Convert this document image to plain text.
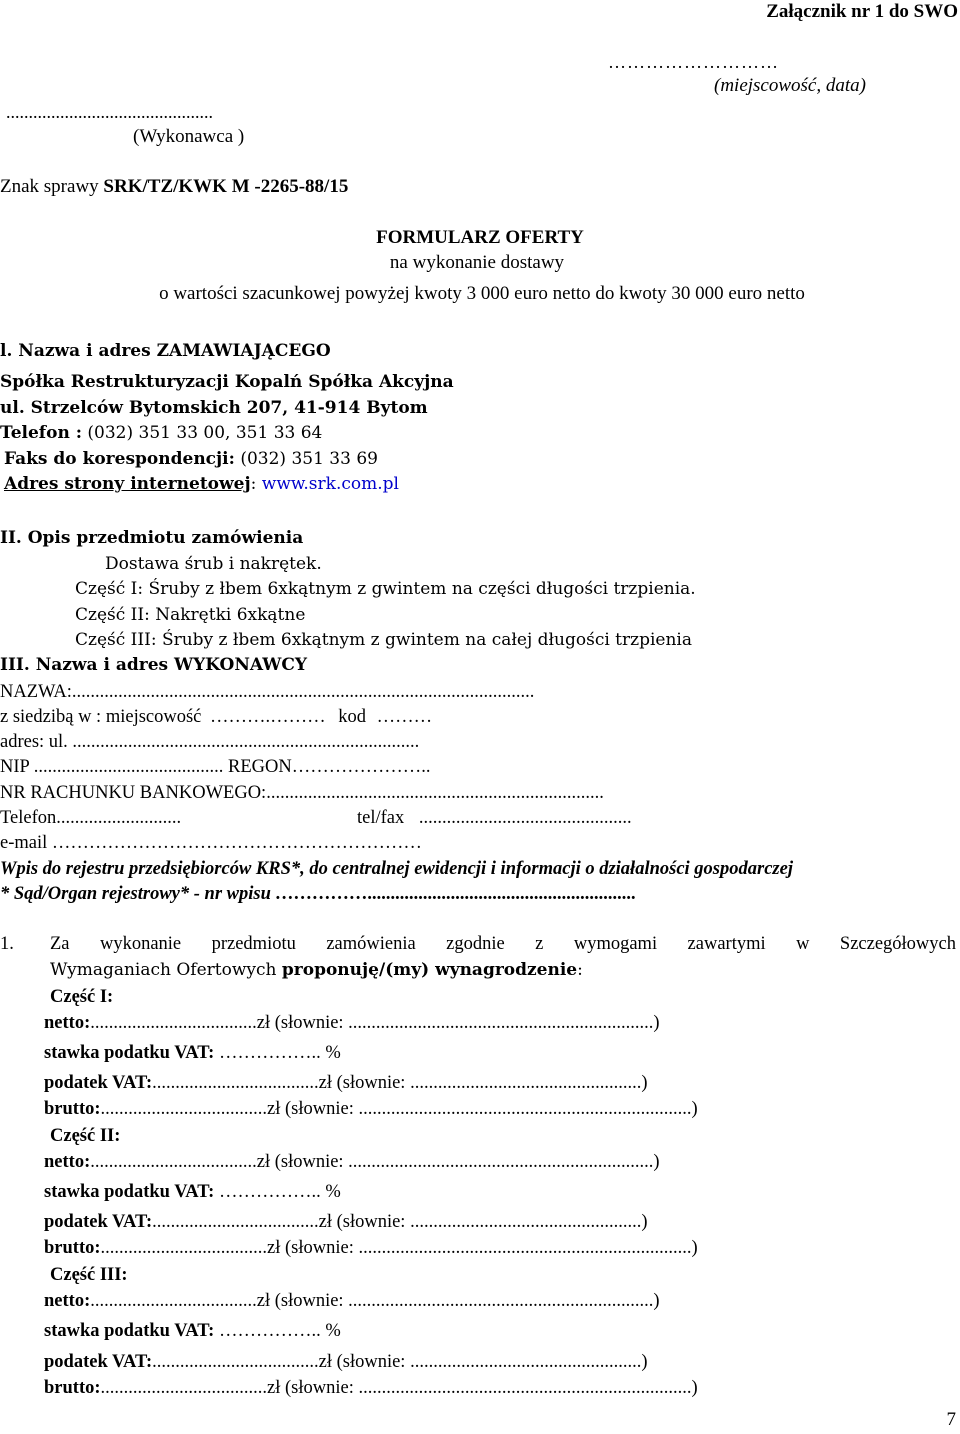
Załącznik nr 1 do SWO
………………………
(miejscowość, data)
..............................................
(Wykonawca )
Znak sprawy SRK/TZ/KWK M -2265-88/15
FORMULARZ OFERTY
na wykonanie dostawy
o wartości szacunkowej powyżej kwoty 3 000 euro netto do kwoty 30 000 euro netto
l. Nazwa i adres ZAMAWIAJĄCEGO
Spółka Restrukturyzacji Kopalń Spółka Akcyjna
ul. Strzelców Bytomskich 207, 41-914 Bytom
Telefon : (032) 351 33 00, 351 33 64
Faks do korespondencji: (032) 351 33 69
Adres strony internetowej: www.srk.com.pl
II. Opis przedmiotu zamówienia
Dostawa śrub i nakrętek.
Część I: Śruby z łbem 6xkątnym z gwintem na części długości trzpienia.
Część II: Nakrętki 6xkątne
Część III: Śruby z łbem 6xkątnym z gwintem na całej długości trzpienia
III. Nazwa i adres WYKONAWCY
NAZWA:....................................................................................................
z siedzibą w : miejscowość ……….……… kod ………
adres: ul. ...........................................................................
NIP ......................................... REGON…………………..
NR RACHUNKU BANKOWEGO:.........................................................................
Telefon...........................	tel/fax ..............................................
e-mail ……………………………………………………
Wpis do rejestru przedsiębiorców KRS*, do centralnej ewidencji i informacji o działalności gospodarczej
* Sąd/Organ rejestrowy* - nr wpisu ……………..........................................................
1. Za wykonanie przedmiotu zamówienia zgodnie z wymogami zawartymi w Szczegółowych
Wymaganiach Ofertowych proponuję/(my) wynagrodzenie:
Część I:
netto:....................................zł (słownie: ..................................................................)
stawka podatku VAT: …………….. %
podatek VAT:....................................zł (słownie: ..................................................)
brutto:....................................zł (słownie: ........................................................................)
Część II:
netto:....................................zł (słownie: ..................................................................)
stawka podatku VAT: …………….. %
podatek VAT:....................................zł (słownie: ..................................................)
brutto:....................................zł (słownie: ........................................................................)
Część III:
netto:....................................zł (słownie: ..................................................................)
stawka podatku VAT: …………….. %
podatek VAT:....................................zł (słownie: ..................................................)
brutto:....................................zł (słownie: ........................................................................)
7
